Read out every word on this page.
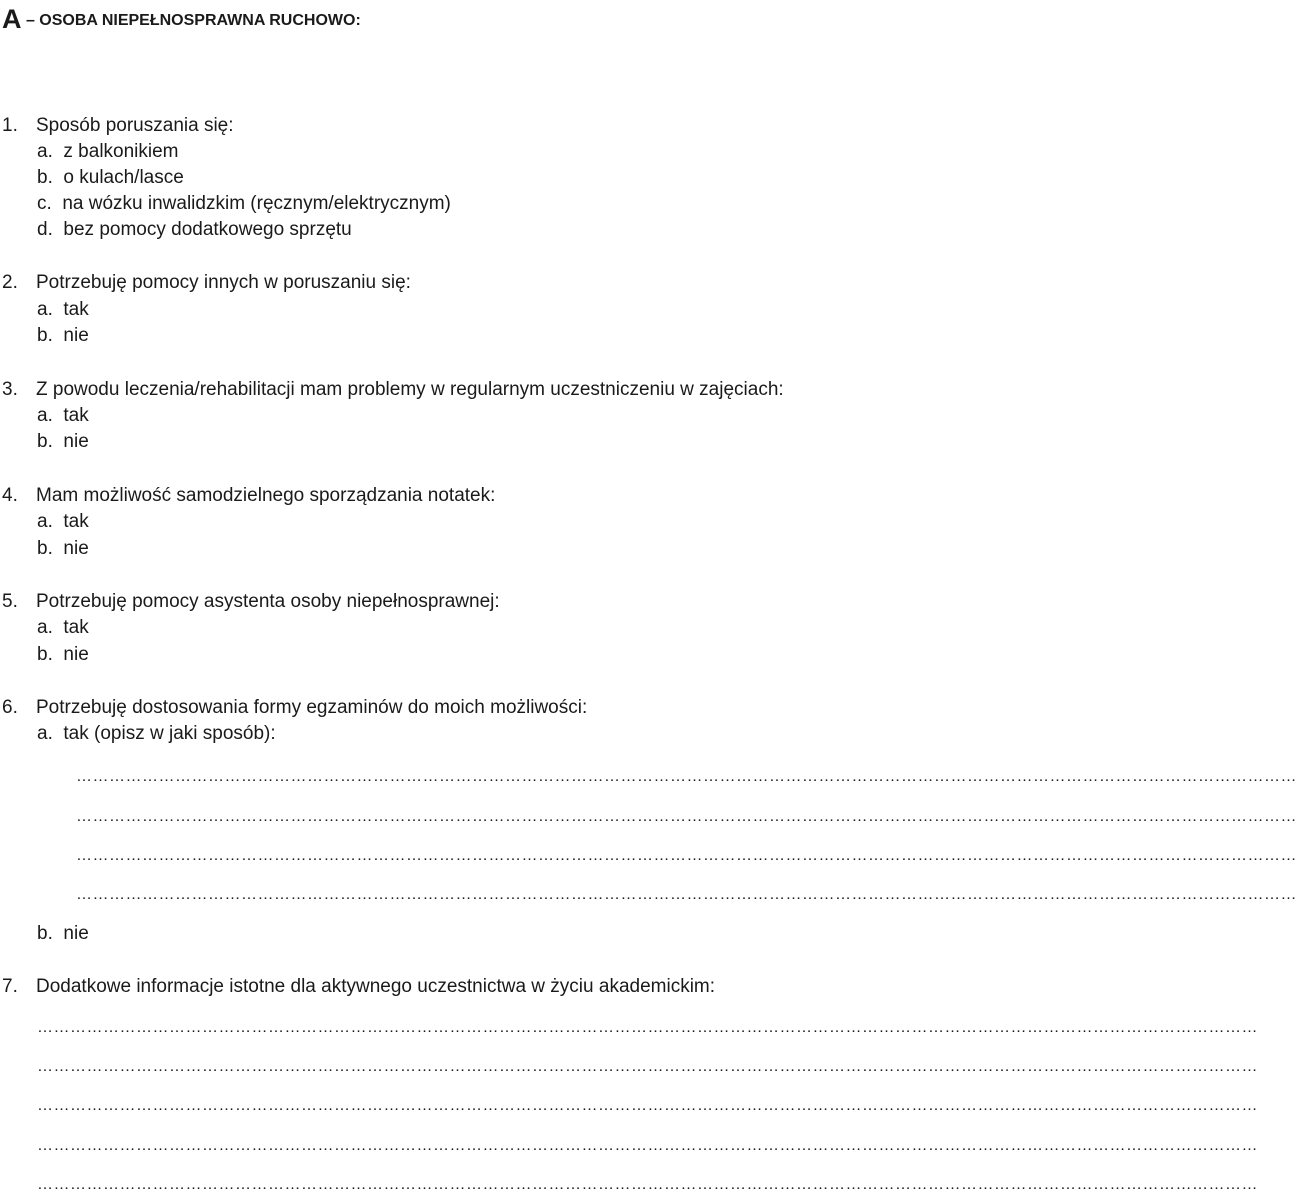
A – OSOBA NIEPEŁNOSPRAWNA RUCHOWO:
1. Sposób poruszania się:
a.  z balkonikiem
b.  o kulach/lasce
c.  na wózku inwalidzkim (ręcznym/elektrycznym)
d.  bez pomocy dodatkowego sprzętu
2. Potrzebuję pomocy innych w poruszaniu się:
a.  tak
b.  nie
3. Z powodu leczenia/rehabilitacji mam problemy w regularnym uczestniczeniu w zajęciach:
a.  tak
b.  nie
4. Mam możliwość samodzielnego sporządzania notatek:
a.  tak
b.  nie
5. Potrzebuję pomocy asystenta osoby niepełnosprawnej:
a.  tak
b.  nie
6. Potrzebuję dostosowania formy egzaminów do moich możliwości:
a.  tak (opisz w jaki sposób):
……………………………………………………………………………………………………………………………………………………………………………………………………
……………………………………………………………………………………………………………………………………………………………………………………………………
……………………………………………………………………………………………………………………………………………………………………………………………………
……………………………………………………………………………………………………………………………………………………………………………………………………
b.  nie
7. Dodatkowe informacje istotne dla aktywnego uczestnictwa w życiu akademickim:
……………………………………………………………………………………………………………………………………………………………………………………………………
……………………………………………………………………………………………………………………………………………………………………………………………………
……………………………………………………………………………………………………………………………………………………………………………………………………
……………………………………………………………………………………………………………………………………………………………………………………………………
……………………………………………………………………………………………………………………………………………………………………………………………………
